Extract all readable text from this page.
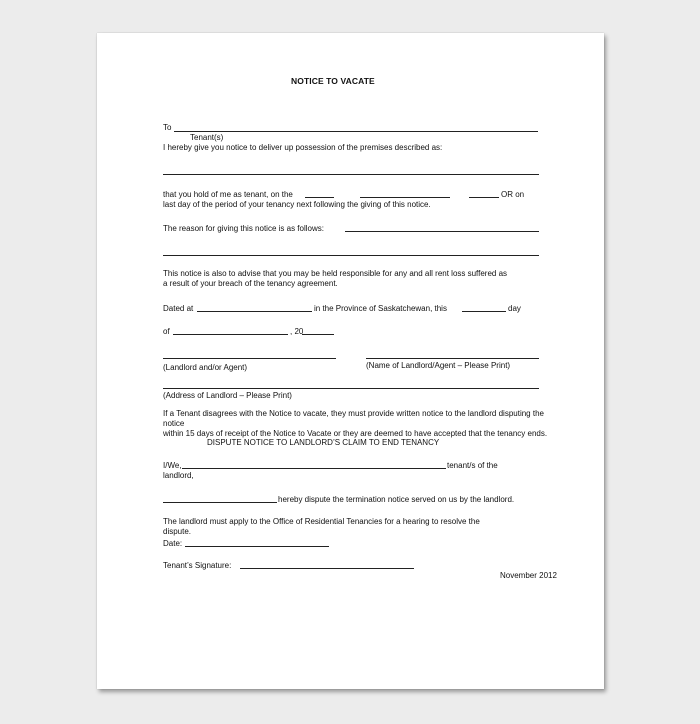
NOTICE TO VACATE
To
Tenant(s)
I hereby give you notice to deliver up possession of the premises described as:
that you hold of me as tenant, on the	OR on
last day of the period of your tenancy next following the giving of this notice.
The reason for giving this notice is as follows:
This notice is also to advise that you may be held responsible for any and all rent loss suffered as
a result of your breach of the tenancy agreement.
Dated at	in the Province of Saskatchewan, this	day
of	, 20
(Landlord and/or Agent)	(Name of Landlord/Agent – Please Print)
(Address of Landlord – Please Print)
If a Tenant disagrees with the Notice to vacate, they must provide written notice to the landlord disputing the
notice
within 15 days of receipt of the Notice to Vacate or they are deemed to have accepted that the tenancy ends.
DISPUTE NOTICE TO LANDLORD’S CLAIM TO END TENANCY
I/We,	tenant/s of the
landlord,
hereby dispute the termination notice served on us by the landlord.
The landlord must apply to the Office of Residential Tenancies for a hearing to resolve the
dispute.
Date:
Tenant’s Signature:
November 2012
